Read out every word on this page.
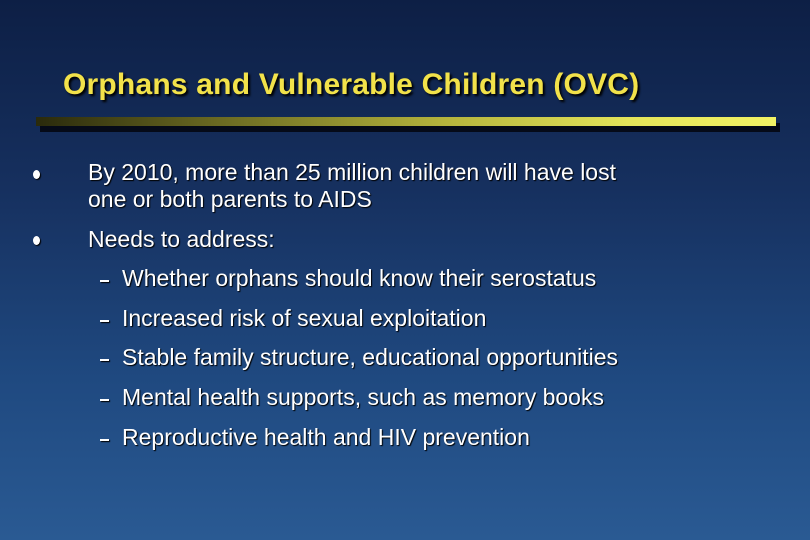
Orphans and Vulnerable Children (OVC)
By 2010, more than 25 million children will have lost
one or both parents to AIDS
Needs to address:
Whether orphans should know their serostatus
Increased risk of sexual exploitation
Stable family structure, educational opportunities
Mental health supports, such as memory books
Reproductive health and HIV prevention
